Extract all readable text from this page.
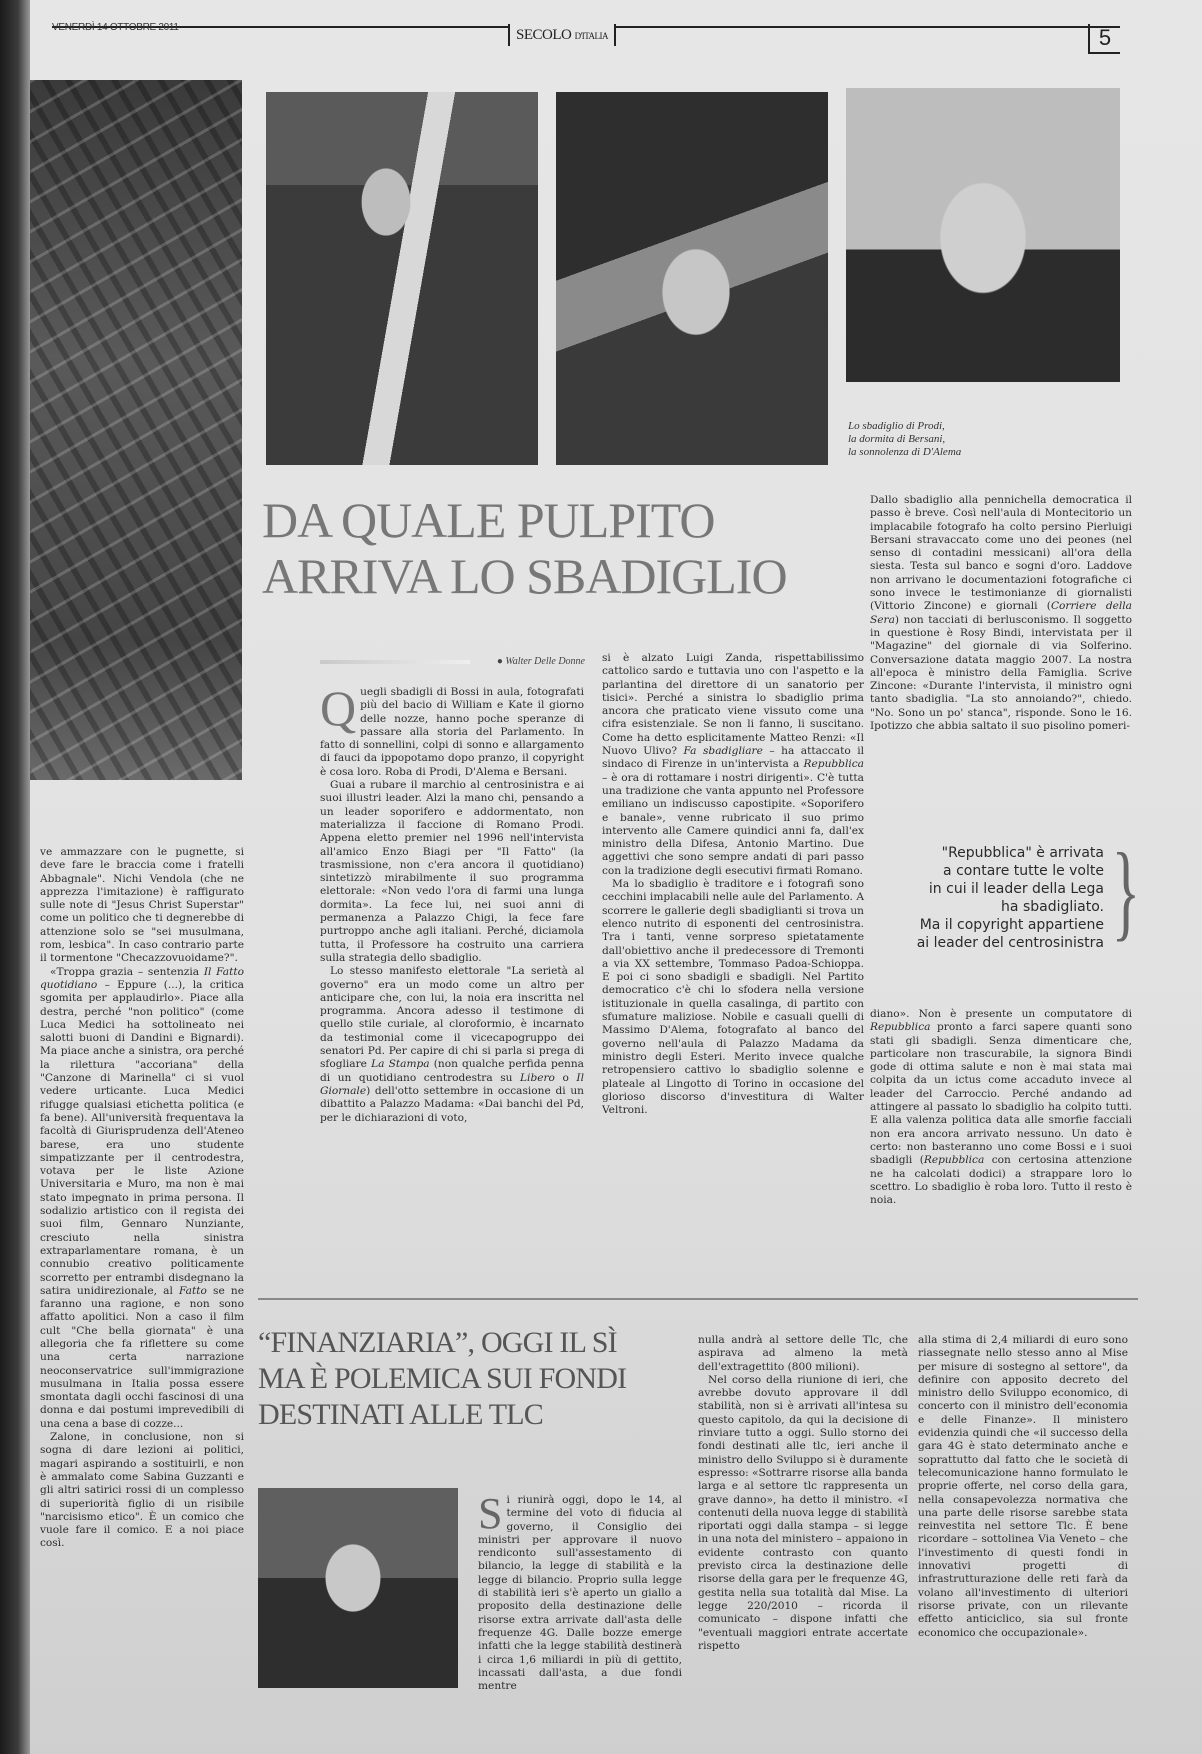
VENERDÌ 14 OTTOBRE 2011	SECOLO D'ITALIA	5
Lo sbadiglio di Prodi,
la dormita di Bersani,
la sonnolenza di D'Alema
DA QUALE PULPITO
ARRIVA LO SBADIGLIO
● Walter Delle Donne

Quegli sbadigli di Bossi in aula, fotografati più del bacio di William e Kate il giorno delle nozze, hanno poche speranze di passare alla storia del Parlamento. In fatto di sonnellini, colpi di sonno e allargamento di fauci da ippopotamo dopo pranzo, il copyright è cosa loro. Roba di Prodi, D'Alema e Bersani.

Guai a rubare il marchio al centrosinistra e ai suoi illustri leader. Alzi la mano chi, pensando a un leader soporifero e addormentato, non materializza il faccione di Romano Prodi. Appena eletto premier nel 1996 nell'intervista all'amico Enzo Biagi per "Il Fatto" (la trasmissione, non c'era ancora il quotidiano) sintetizzò mirabilmente il suo programma elettorale: «Non vedo l'ora di farmi una lunga dormita». La fece lui, nei suoi anni di permanenza a Palazzo Chigi, la fece fare purtroppo anche agli italiani. Perché, diciamola tutta, il Professore ha costruito una carriera sulla strategia dello sbadiglio.

Lo stesso manifesto elettorale "La serietà al governo" era un modo come un altro per anticipare che, con lui, la noia era inscritta nel programma. Ancora adesso il testimone di quello stile curiale, al cloroformio, è incarnato da testimonial come il vicecapogruppo dei senatori Pd. Per capire di chi si parla si prega di sfogliare La Stampa (non qualche perfida penna di un quotidiano centrodestra su Libero o Il Giornale) dell'otto settembre in occasione di un dibattito a Palazzo Madama: «Dai banchi del Pd, per le dichiarazioni di voto,

si è alzato Luigi Zanda, rispettabilissimo cattolico sardo e tuttavia uno con l'aspetto e la parlantina del direttore di un sanatorio per tisici». Perché a sinistra lo sbadiglio prima ancora che praticato viene vissuto come una cifra esistenziale. Se non li fanno, li suscitano. Come ha detto esplicitamente Matteo Renzi: «Il Nuovo Ulivo? Fa sbadigliare – ha attaccato il sindaco di Firenze in un'intervista a Repubblica – è ora di rottamare i nostri dirigenti». C'è tutta una tradizione che vanta appunto nel Professore emiliano un indiscusso capostipite. «Soporifero e banale», venne rubricato il suo primo intervento alle Camere quindici anni fa, dall'ex ministro della Difesa, Antonio Martino. Due aggettivi che sono sempre andati di pari passo con la tradizione degli esecutivi firmati Romano.

Ma lo sbadiglio è traditore e i fotografi sono cecchini implacabili nelle aule del Parlamento. A scorrere le gallerie degli sbadiglianti si trova un elenco nutrito di esponenti del centrosinistra. Tra i tanti, venne sorpreso spietatamente dall'obiettivo anche il predecessore di Tremonti a via XX settembre, Tommaso Padoa-Schioppa. E poi ci sono sbadigli e sbadigli. Nel Partito democratico c'è chi lo sfodera nella versione istituzionale in quella casalinga, di partito con sfumature maliziose. Nobile e casuali quelli di Massimo D'Alema, fotografato al banco del governo nell'aula di Palazzo Madama da ministro degli Esteri. Merito invece qualche retropensiero cattivo lo sbadiglio solenne e plateale al Lingotto di Torino in occasione del glorioso discorso d'investitura di Walter Veltroni.

Dallo sbadiglio alla pennichella democratica il passo è breve. Così nell'aula di Montecitorio un implacabile fotografo ha colto persino Pierluigi Bersani stravaccato come uno dei peones (nel senso di contadini messicani) all'ora della siesta. Testa sul banco e sogni d'oro. Laddove non arrivano le documentazioni fotografiche ci sono invece le testimonianze di giornalisti (Vittorio Zincone) e giornali (Corriere della Sera) non tacciati di berlusconismo. Il soggetto in questione è Rosy Bindi, intervistata per il "Magazine" del giornale di via Solferino. Conversazione datata maggio 2007. La nostra all'epoca è ministro della Famiglia. Scrive Zincone: «Durante l'intervista, il ministro ogni tanto sbadiglia. "La sto annoiando?", chiedo. "No. Sono un po' stanca", risponde. Sono le 16. Ipotizzo che abbia saltato il suo pisolino pomeri-

"Repubblica" è arrivata
a contare tutte le volte
in cui il leader della Lega
ha sbadigliato.
Ma il copyright appartiene
ai leader del centrosinistra }

diano». Non è presente un computatore di Repubblica pronto a farci sapere quanti sono stati gli sbadigli. Senza dimenticare che, particolare non trascurabile, la signora Bindi gode di ottima salute e non è mai stata mai colpita da un ictus come accaduto invece al leader del Carroccio. Perché andando ad attingere al passato lo sbadiglio ha colpito tutti. E alla valenza politica data alle smorfie facciali non era ancora arrivato nessuno. Un dato è certo: non basteranno uno come Bossi e i suoi sbadigli (Repubblica con certosina attenzione ne ha calcolati dodici) a strappare loro lo scettro. Lo sbadiglio è roba loro. Tutto il resto è noia.

ve ammazzare con le pugnette, si deve fare le braccia come i fratelli Abbagnale". Nichi Vendola (che ne apprezza l'imitazione) è raffigurato sulle note di "Jesus Christ Superstar" come un politico che ti degnerebbe di attenzione solo se "sei musulmana, rom, lesbica". In caso contrario parte il tormentone "Checazzovuoidame?".

«Troppa grazia – sentenzia Il Fatto quotidiano – Eppure (...), la critica sgomita per applaudirlo». Piace alla destra, perché "non politico" (come Luca Medici ha sottolineato nei salotti buoni di Dandini e Bignardi). Ma piace anche a sinistra, ora perché la rilettura "accoriana" della "Canzone di Marinella" ci si vuol vedere urticante. Luca Medici rifugge qualsiasi etichetta politica (e fa bene). All'università frequentava la facoltà di Giurisprudenza dell'Ateneo barese, era uno studente simpatizzante per il centrodestra, votava per le liste Azione Universitaria e Muro, ma non è mai stato impegnato in prima persona. Il sodalizio artistico con il regista dei suoi film, Gennaro Nunziante, cresciuto nella sinistra extraparlamentare romana, è un connubio creativo politicamente scorretto per entrambi disdegnano la satira unidirezionale, al Fatto se ne faranno una ragione, e non sono affatto apolitici. Non a caso il film cult "Che bella giornata" è una allegoria che fa riflettere su come una certa narrazione neoconservatrice sull'immigrazione musulmana in Italia possa essere smontata dagli occhi fascinosi di una donna e dai postumi imprevedibili di una cena a base di cozze...

Zalone, in conclusione, non si sogna di dare lezioni ai politici, magari aspirando a sostituirli, e non è ammalato come Sabina Guzzanti e gli altri satirici rossi di un complesso di superiorità figlio di un risibile "narcisismo etico". È un comico che vuole fare il comico. E a noi piace così.

“FINANZIARIA”, OGGI IL SÌ
MA È POLEMICA SUI FONDI
DESTINATI ALLE TLC

Si riunirà oggi, dopo le 14, al termine del voto di fiducia al governo, il Consiglio dei ministri per approvare il nuovo rendiconto sull'assestamento di bilancio, la legge di stabilità e la legge di bilancio. Proprio sulla legge di stabilità ieri s'è aperto un giallo a proposito della destinazione delle risorse extra arrivate dall'asta delle frequenze 4G. Dalle bozze emerge infatti che la legge stabilità destinerà i circa 1,6 miliardi in più di gettito, incassati dall'asta, a due fondi mentre

nulla andrà al settore delle Tlc, che aspirava ad almeno la metà dell'extragettito (800 milioni).

Nel corso della riunione di ieri, che avrebbe dovuto approvare il ddl stabilità, non si è arrivati all'intesa su questo capitolo, da qui la decisione di rinviare tutto a oggi. Sullo storno dei fondi destinati alle tlc, ieri anche il ministro dello Sviluppo si è duramente espresso: «Sottrarre risorse alla banda larga e al settore tlc rappresenta un grave danno», ha detto il ministro. «I contenuti della nuova legge di stabilità riportati oggi dalla stampa – si legge in una nota del ministero – appaiono in evidente contrasto con quanto previsto circa la destinazione delle risorse della gara per le frequenze 4G, gestita nella sua totalità dal Mise. La legge 220/2010 – ricorda il comunicato – dispone infatti che "eventuali maggiori entrate accertate rispetto

alla stima di 2,4 miliardi di euro sono riassegnate nello stesso anno al Mise per misure di sostegno al settore", da definire con apposito decreto del ministro dello Sviluppo economico, di concerto con il ministro dell'economia e delle Finanze». Il ministero evidenzia quindi che «il successo della gara 4G è stato determinato anche e soprattutto dal fatto che le società di telecomunicazione hanno formulato le proprie offerte, nel corso della gara, nella consapevolezza normativa che una parte delle risorse sarebbe stata reinvestita nel settore Tlc. È bene ricordare – sottolinea Via Veneto – che l'investimento di questi fondi in innovativi progetti di infrastrutturazione delle reti farà da volano all'investimento di ulteriori risorse private, con un rilevante effetto anticiclico, sia sul fronte economico che occupazionale».
